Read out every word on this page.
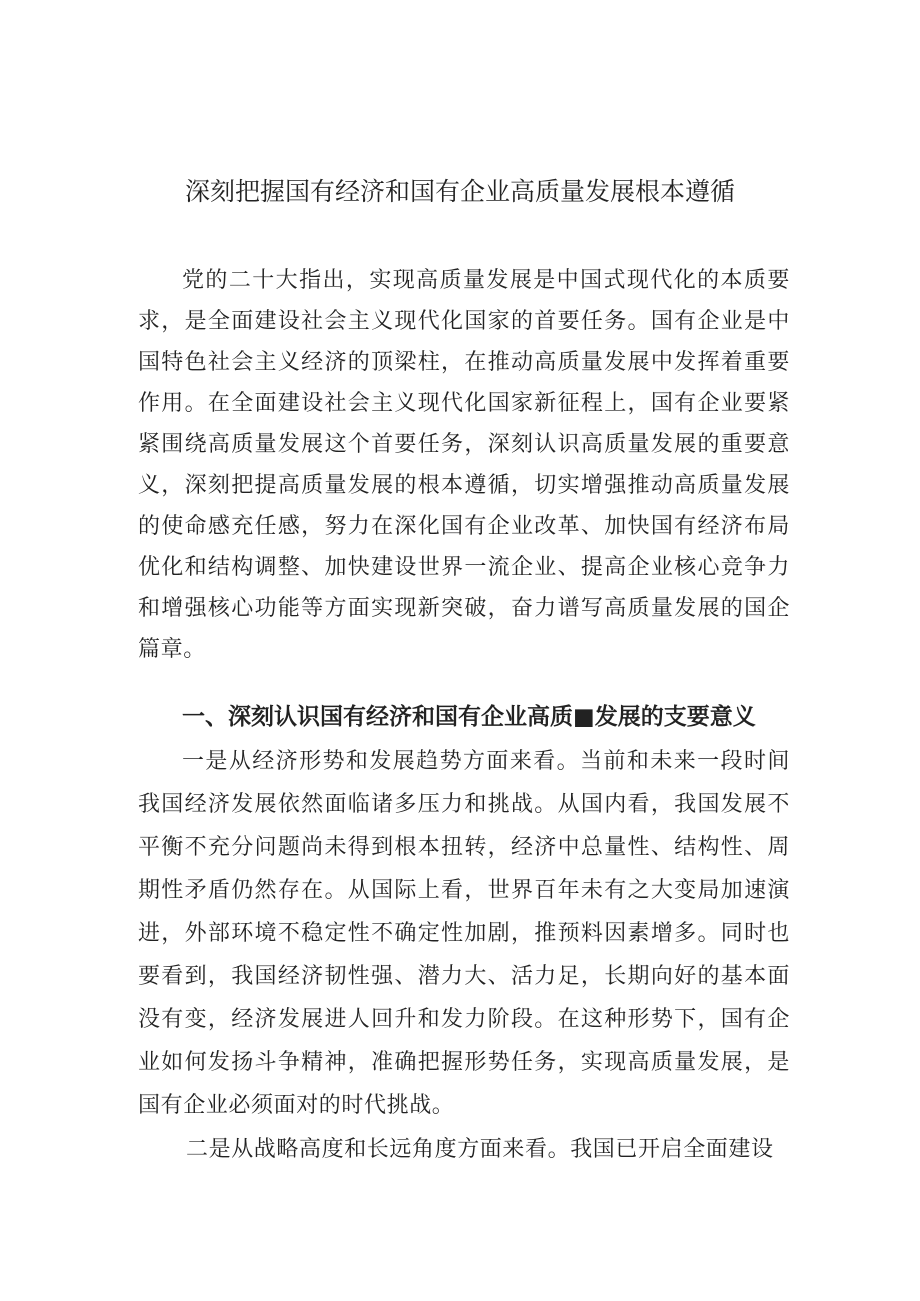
深刻把握国有经济和国有企业高质量发展根本遵循

党的二十大指出，实现高质量发展是中国式现代化的本质要求，是全面建设社会主义现代化国家的首要任务。国有企业是中国特色社会主义经济的顶梁柱，在推动高质量发展中发挥着重要作用。在全面建设社会主义现代化国家新征程上，国有企业要紧紧围绕高质量发展这个首要任务，深刻认识高质量发展的重要意义，深刻把提高质量发展的根本遵循，切实增强推动高质量发展的使命感充任感，努力在深化国有企业改革、加快国有经济布局优化和结构调整、加快建设世界一流企业、提高企业核心竞争力和增强核心功能等方面实现新突破，奋力谱写高质量发展的国企篇章。

一、深刻认识国有经济和国有企业高质■发展的支要意义

一是从经济形势和发展趋势方面来看。当前和未来一段时间我国经济发展依然面临诸多压力和挑战。从国内看，我国发展不平衡不充分问题尚未得到根本扭转，经济中总量性、结构性、周期性矛盾仍然存在。从国际上看，世界百年未有之大变局加速演进，外部环境不稳定性不确定性加剧，推预料因素增多。同时也要看到，我国经济韧性强、潜力大、活力足，长期向好的基本面没有变，经济发展进人回升和发力阶段。在这种形势下，国有企业如何发扬斗争精神，准确把握形势任务，实现高质量发展，是国有企业必须面对的时代挑战。

二是从战略高度和长远角度方面来看。我国已开启全面建设
